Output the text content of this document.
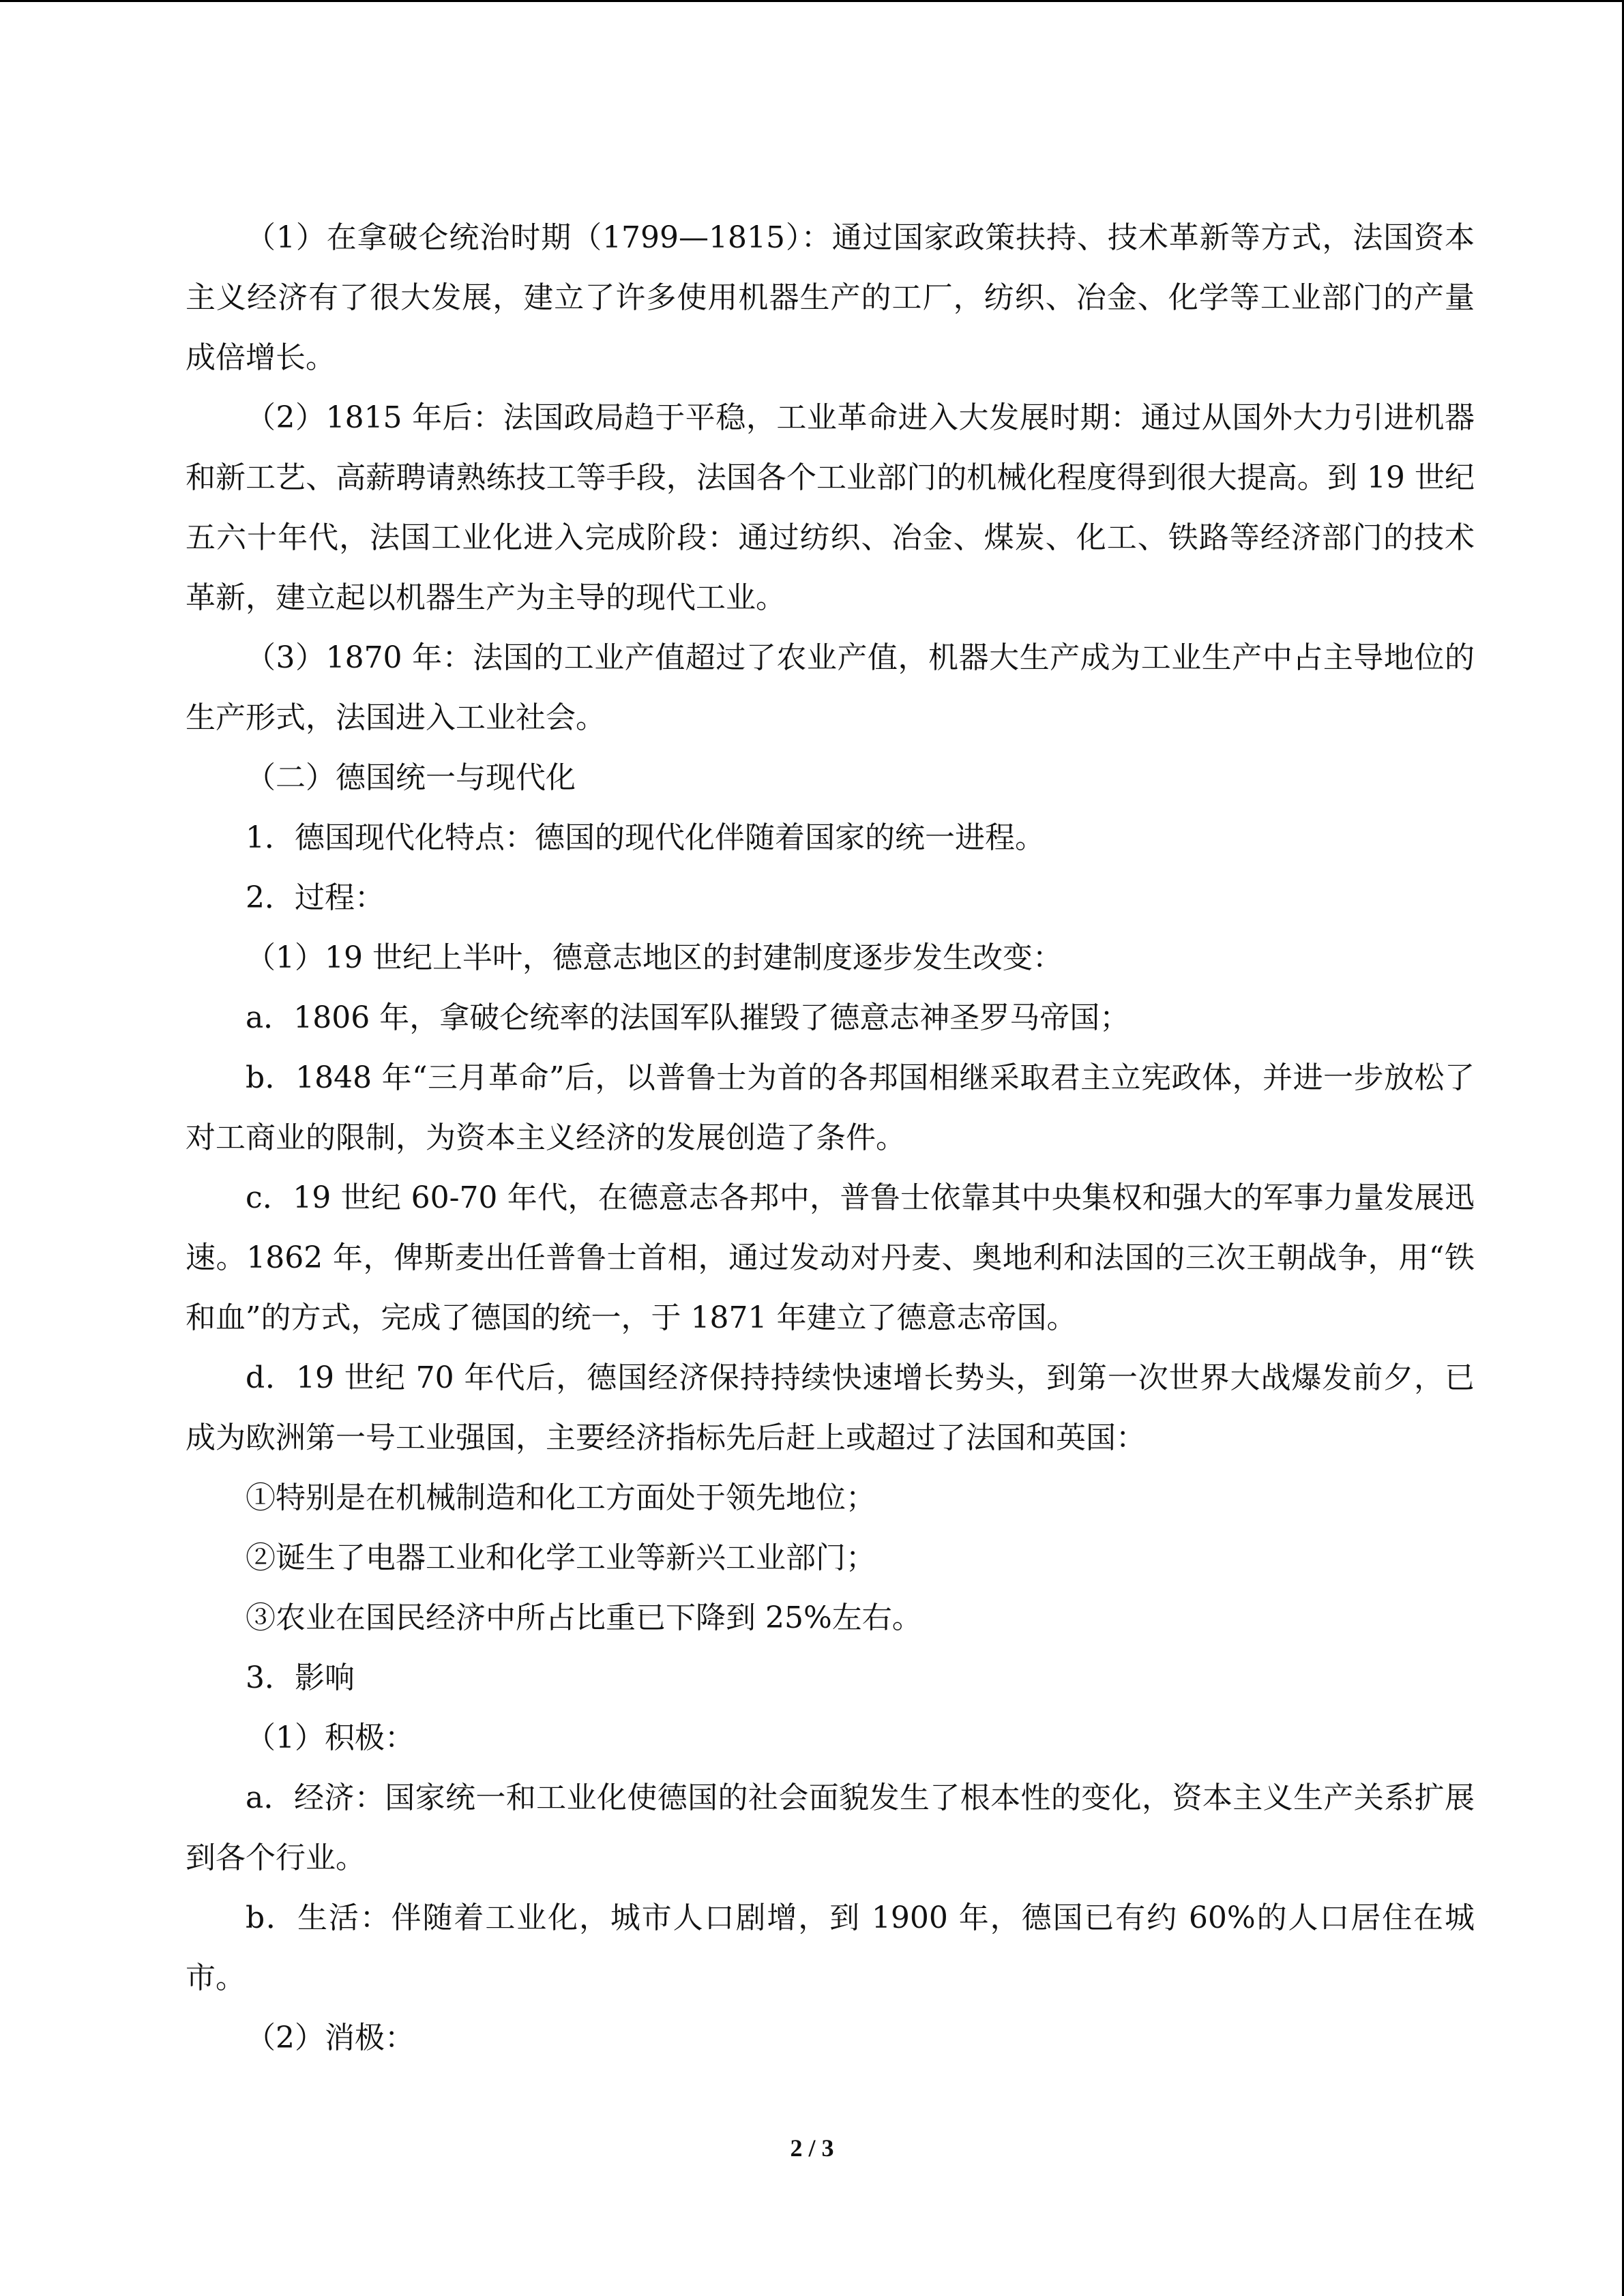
（1）在拿破仑统治时期（1799—1815）：通过国家政策扶持、技术革新等方式，法国资本主义经济有了很大发展，建立了许多使用机器生产的工厂，纺织、冶金、化学等工业部门的产量成倍增长。

（2）1815 年后：法国政局趋于平稳，工业革命进入大发展时期：通过从国外大力引进机器和新工艺、高薪聘请熟练技工等手段，法国各个工业部门的机械化程度得到很大提高。到 19 世纪五六十年代，法国工业化进入完成阶段：通过纺织、冶金、煤炭、化工、铁路等经济部门的技术革新，建立起以机器生产为主导的现代工业。

（3）1870 年：法国的工业产值超过了农业产值，机器大生产成为工业生产中占主导地位的生产形式，法国进入工业社会。

（二）德国统一与现代化

1．德国现代化特点：德国的现代化伴随着国家的统一进程。

2．过程：

（1）19 世纪上半叶，德意志地区的封建制度逐步发生改变：

a．1806 年，拿破仑统率的法国军队摧毁了德意志神圣罗马帝国；

b．1848 年“三月革命”后，以普鲁士为首的各邦国相继采取君主立宪政体，并进一步放松了对工商业的限制，为资本主义经济的发展创造了条件。

c．19 世纪 60-70 年代，在德意志各邦中，普鲁士依靠其中央集权和强大的军事力量发展迅速。1862 年，俾斯麦出任普鲁士首相，通过发动对丹麦、奥地利和法国的三次王朝战争，用“铁和血”的方式，完成了德国的统一，于 1871 年建立了德意志帝国。

d．19 世纪 70 年代后，德国经济保持持续快速增长势头，到第一次世界大战爆发前夕，已成为欧洲第一号工业强国，主要经济指标先后赶上或超过了法国和英国：

①特别是在机械制造和化工方面处于领先地位；

②诞生了电器工业和化学工业等新兴工业部门；

③农业在国民经济中所占比重已下降到 25%左右。

3．影响

（1）积极：

a．经济：国家统一和工业化使德国的社会面貌发生了根本性的变化，资本主义生产关系扩展到各个行业。

b．生活：伴随着工业化，城市人口剧增，到 1900 年，德国已有约 60%的人口居住在城市。

（2）消极：

2 / 3
